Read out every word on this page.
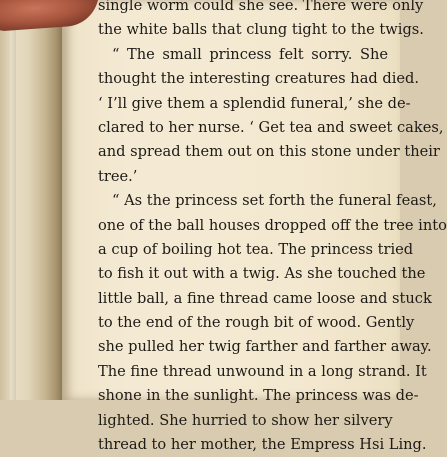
single worm could she see. There were only
the white balls that clung tight to the twigs.
“ The small princess felt sorry. She
thought the interesting creatures had died.
‘ I’ll give them a splendid funeral,’ she de-
clared to her nurse. ‘ Get tea and sweet cakes,
and spread them out on this stone under their
tree.’
“ As the princess set forth the funeral feast,
one of the ball houses dropped off the tree into
a cup of boiling hot tea. The princess tried
to fish it out with a twig. As she touched the
little ball, a fine thread came loose and stuck
to the end of the rough bit of wood. Gently
she pulled her twig farther and farther away.
The fine thread unwound in a long strand. It
shone in the sunlight. The princess was de-
lighted. She hurried to show her silvery
thread to her mother, the Empress Hsi Ling.
